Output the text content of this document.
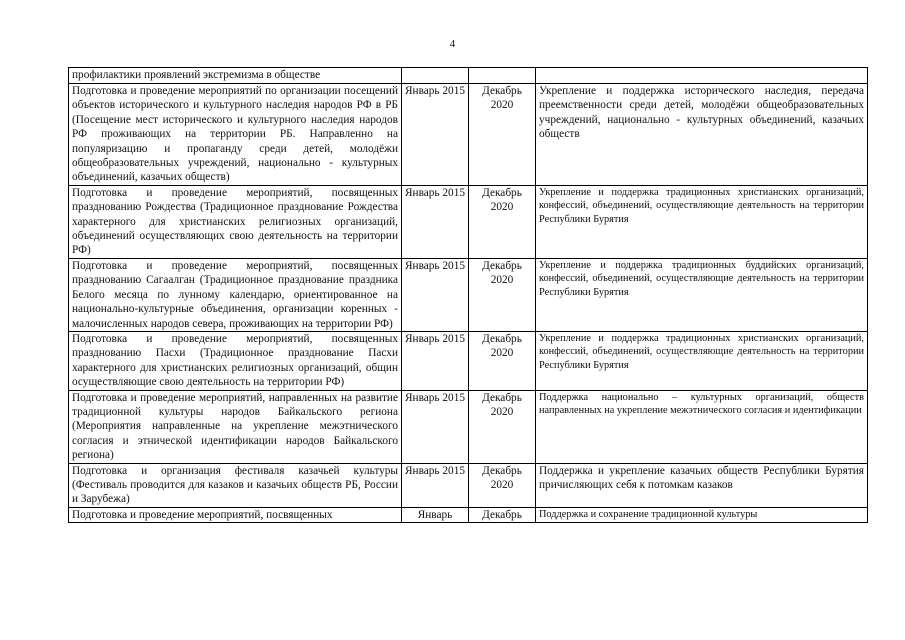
4
профилактики проявлений экстремизма в обществе			
Подготовка и проведение мероприятий по организации посещений объектов исторического и культурного наследия народов РФ в РБ (Посещение мест исторического и культурного наследия народов РФ проживающих на территории РБ. Направленно на популяризацию и пропаганду среди детей, молодёжи общеобразовательных учреждений, национально - культурных объединений, казачьих обществ)	Январь 2015	Декабрь 2020	Укрепление и поддержка исторического наследия, передача преемственности среди детей, молодёжи общеобразовательных учреждений, национально - культурных объединений, казачьих обществ
Подготовка и проведение мероприятий, посвященных празднованию Рождества (Традиционное празднование Рождества характерного для христианских религиозных организаций, объединений осуществляющих свою деятельность на территории РФ)	Январь 2015	Декабрь 2020	Укрепление и поддержка традиционных христианских организаций, конфессий, объединений, осуществляющие деятельность на территории Республики Бурятия
Подготовка и проведение мероприятий, посвященных празднованию Сагаалган (Традиционное празднование праздника Белого месяца по лунному календарю, ориентированное на национально-культурные объединения, организации коренных - малочисленных народов севера, проживающих на территории РФ)	Январь 2015	Декабрь 2020	Укрепление и поддержка традиционных буддийских организаций, конфессий, объединений, осуществляющие деятельность на территории Республики Бурятия
Подготовка и проведение мероприятий, посвященных празднованию Пасхи (Традиционное празднование Пасхи характерного для христианских религиозных организаций, общин осуществляющие свою деятельность на территории РФ)	Январь 2015	Декабрь 2020	Укрепление и поддержка традиционных христианских организаций, конфессий, объединений, осуществляющие деятельность на территории Республики Бурятия
Подготовка и проведение мероприятий, направленных на развитие традиционной культуры народов Байкальского региона (Мероприятия направленные на укрепление межэтнического согласия и этнической идентификации народов Байкальского региона)	Январь 2015	Декабрь 2020	Поддержка национально – культурных организаций, обществ направленных на укрепление межэтнического согласия и идентификации
Подготовка и организация фестиваля казачьей культуры (Фестиваль проводится для казаков и казачьих обществ РБ, России и Зарубежа)	Январь 2015	Декабрь 2020	Поддержка и укрепление казачьих обществ Республики Бурятия причисляющих себя к потомкам казаков
Подготовка и проведение мероприятий, посвященных	Январь	Декабрь	Поддержка и сохранение традиционной культуры
